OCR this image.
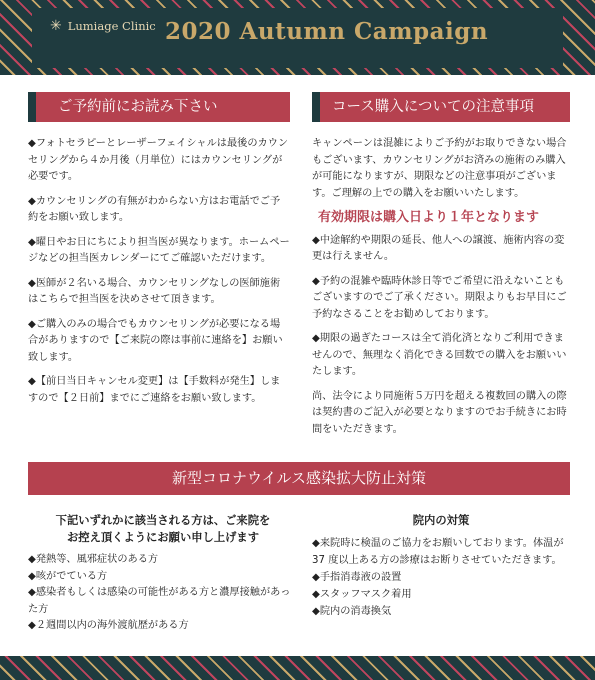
✳ Lumiage Clinic 2020 Autumn Campaign
ご予約前にお読み下さい

◆フォトセラピーとレーザーフェイシャルは最後のカウンセリングから４か月後（月単位）にはカウンセリングが必要です。

◆カウンセリングの有無がわからない方はお電話でご予約をお願い致します。

◆曜日やお日にちにより担当医が異なります。ホームページなどの担当医カレンダーにてご確認いただけます。

◆医師が２名いる場合、カウンセリングなしの医師施術はこちらで担当医を決めさせて頂きます。

◆ご購入のみの場合でもカウンセリングが必要になる場合がありますので【ご来院の際は事前に連絡を】お願い致します。

◆【前日当日キャンセル変更】は【手数料が発生】しますので【２日前】までにご連絡をお願い致します。

コース購入についての注意事項

キャンペーンは混雑によりご予約がお取りできない場合もございます、カウンセリングがお済みの施術のみ購入が可能になりますが、期限などの注意事項がございます。ご理解の上での購入をお願いいたします。

有効期限は購入日より１年となります

◆中途解約や期限の延長、他人への譲渡、施術内容の変更は行えません。

◆予約の混雑や臨時休診日等でご希望に沿えないこともございますのでご了承ください。期限よりもお早目にご予約なさることをお勧めしております。

◆期限の過ぎたコースは全て消化済となりご利用できませんので、無理なく消化できる回数での購入をお願いいたします。

尚、法令により同施術５万円を超える複数回の購入の際は契約書のご記入が必要となりますのでお手続きにお時間をいただきます。

新型コロナウイルス感染拡大防止対策
下記いずれかに該当される方は、ご来院を
お控え頂くようにお願い申し上げます
◆発熱等、風邪症状のある方
◆咳がでている方
◆感染者もしくは感染の可能性がある方と濃厚接触があった方
◆２週間以内の海外渡航歴がある方
院内の対策
◆来院時に検温のご協力をお願いしております。体温が 37 度以上ある方の診療はお断りさせていただきます。
◆手指消毒液の設置
◆スタッフマスク着用
◆院内の消毒換気
